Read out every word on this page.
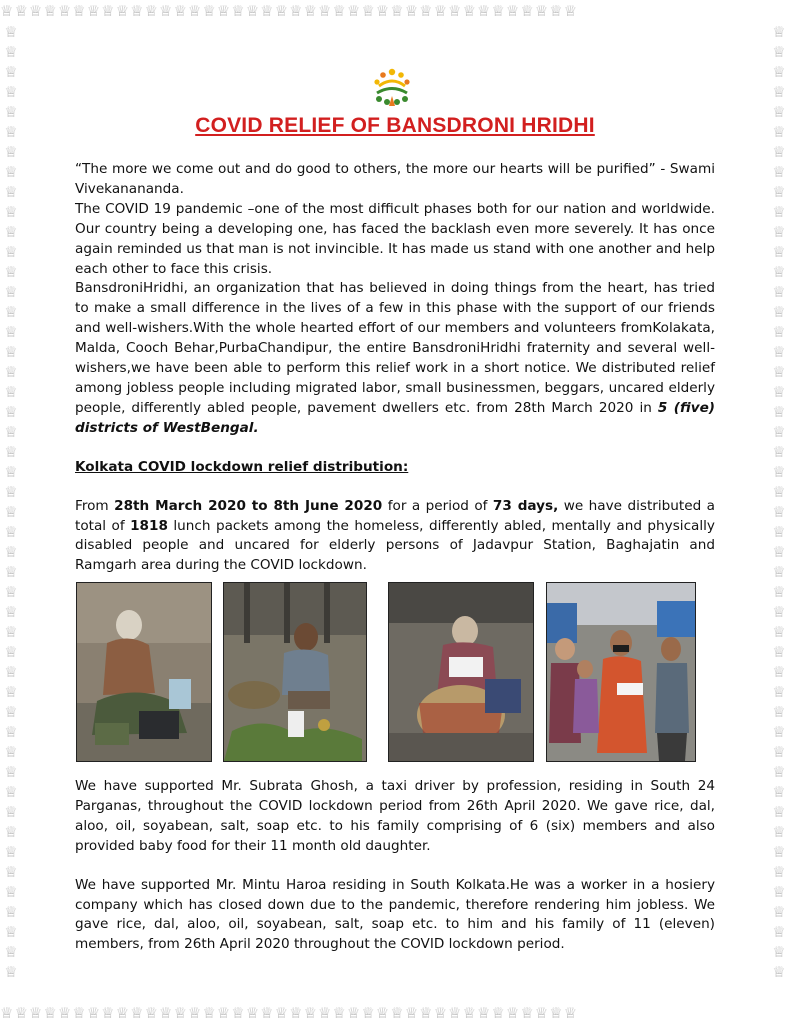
♕♕♕♕♕♕♕♕♕♕♕♕♕♕♕♕♕♕♕♕♕♕♕♕♕♕♕♕♕♕♕♕♕♕♕♕♕♕♕♕
♕♕♕♕♕♕♕♕♕♕♕♕♕♕♕♕♕♕♕♕♕♕♕♕♕♕♕♕♕♕♕♕♕♕♕♕♕♕♕♕
♕
♕
♕
♕
♕
♕
♕
♕
♕
♕
♕
♕
♕
♕
♕
♕
♕
♕
♕
♕
♕
♕
♕
♕
♕
♕
♕
♕
♕
♕
♕
♕
♕
♕
♕
♕
♕
♕
♕
♕
♕
♕
♕
♕
♕
♕
♕
♕
♕
♕
♕
♕
♕
♕
♕
♕
♕
♕
♕
♕
♕
♕
♕
♕
♕
♕
♕
♕
♕
♕
♕
♕
♕
♕
♕
♕
♕
♕
♕
♕
♕
♕
♕
♕
♕
♕
♕
♕
♕
♕
♕
♕
♕
♕
♕
♕
COVID RELIEF OF BANSDRONI HRIDHI

“The more we come out and do good to others, the more our hearts will be purified” - Swami Vivekanananda.

The COVID 19 pandemic –one of the most difficult phases both for our nation and worldwide. Our country being a developing one, has faced the backlash even more severely. It has once again reminded us that man is not invincible. It has made us stand with one another and help each other to face this crisis.

BansdroniHridhi, an organization that has believed in doing things from the heart, has tried to make a small difference in the lives of a few in this phase with the support of our friends and well-wishers.With the whole hearted effort of our members and volunteers fromKolakata, Malda, Cooch Behar,PurbaChandipur, the entire BansdroniHridhi fraternity and several well-wishers,we have been able to perform this relief work in a short notice. We distributed relief among jobless people including migrated labor, small businessmen, beggars, uncared elderly people, differently abled people, pavement dwellers etc. from 28th March 2020 in 5 (five) districts of WestBengal.

Kolkata COVID lockdown relief distribution:

From 28th March 2020 to 8th June 2020 for a period of 73 days, we have distributed a total of 1818 lunch packets among the homeless, differently abled, mentally and physically disabled people and uncared for elderly persons of Jadavpur Station, Baghajatin and Ramgarh area during the COVID lockdown.

We have supported Mr. Subrata Ghosh, a taxi driver by profession, residing in South 24 Parganas, throughout the COVID lockdown period from 26th April 2020. We gave rice, dal, aloo, oil, soyabean, salt, soap etc. to his family comprising of 6 (six) members and also provided baby food for their 11 month old daughter.

We have supported Mr. Mintu Haroa residing in South Kolkata.He was a worker in a hosiery company which has closed down due to the pandemic, therefore rendering him jobless. We gave rice, dal, aloo, oil, soyabean, salt, soap etc. to him and his family of 11 (eleven) members, from 26th April 2020 throughout the COVID lockdown period.
